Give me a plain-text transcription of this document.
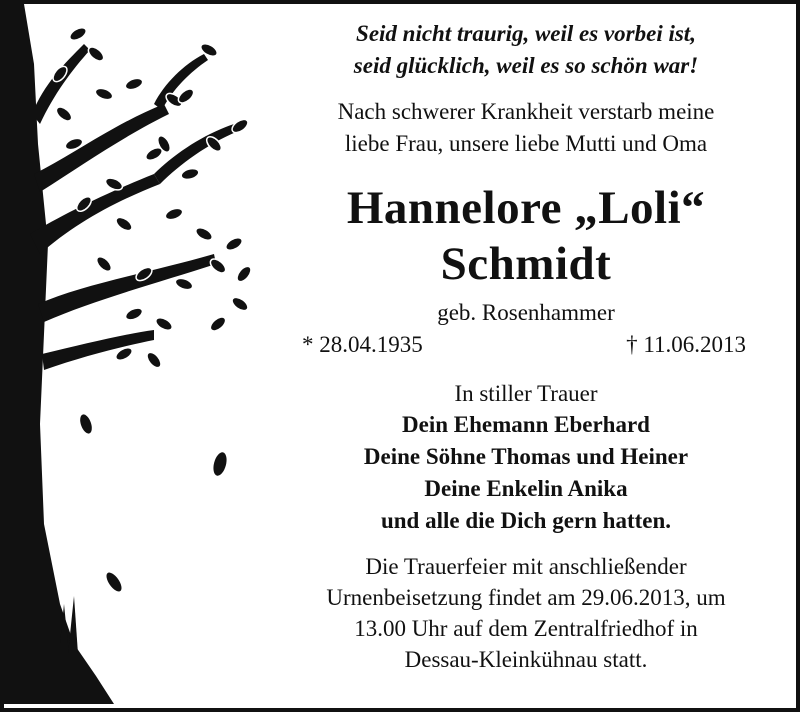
Seid nicht traurig, weil es vorbei ist,
seid glücklich, weil es so schön war!
Nach schwerer Krankheit verstarb meine
liebe Frau, unsere liebe Mutti und Oma
Hannelore „Loli“
Schmidt
geb. Rosenhammer
* 28.04.1935	† 11.06.2013
In stiller Trauer
Dein Ehemann Eberhard
Deine Söhne Thomas und Heiner
Deine Enkelin Anika
und alle die Dich gern hatten.
Die Trauerfeier mit anschließender
Urnenbeisetzung findet am 29.06.2013, um
13.00 Uhr auf dem Zentralfriedhof in
Dessau-Kleinkühnau statt.
